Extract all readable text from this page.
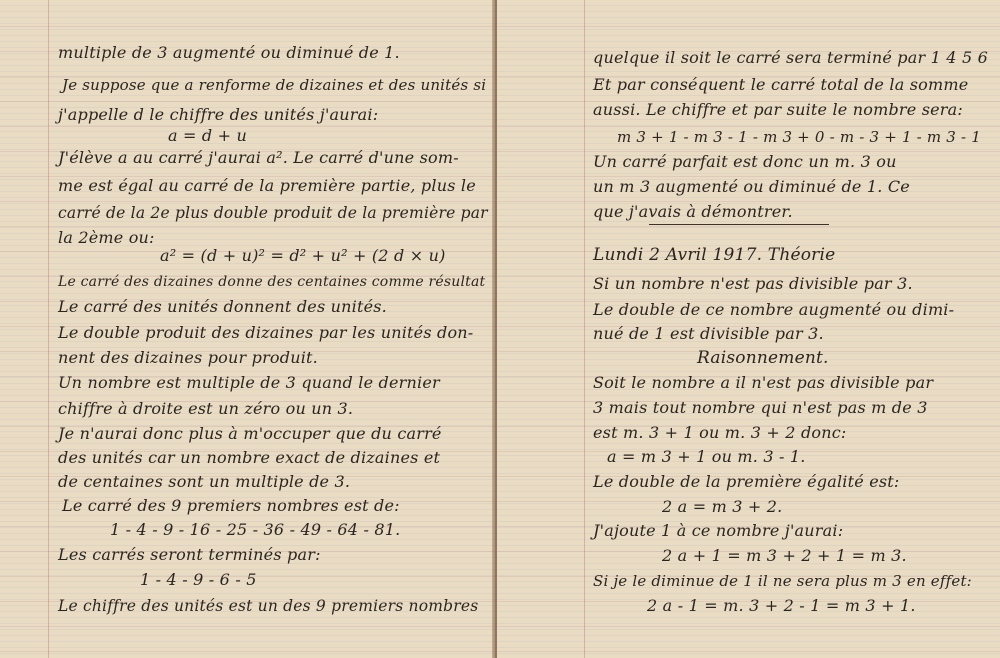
multiple de 3 augmenté ou diminué de 1.
Je suppose que a renforme de dizaines et des unités si
j'appelle d le chiffre des unités j'aurai:
a = d + u
J'élève a au carré j'aurai a². Le carré d'une som-
me est égal au carré de la première partie, plus le
carré de la 2e plus double produit de la première par
la 2ème ou:
a² = (d + u)² = d² + u² + (2 d × u)
Le carré des dizaines donne des centaines comme résultat
Le carré des unités donnent des unités.
Le double produit des dizaines par les unités don-
nent des dizaines pour produit.
Un nombre est multiple de 3 quand le dernier
chiffre à droite est un zéro ou un 3.
Je n'aurai donc plus à m'occuper que du carré
des unités car un nombre exact de dizaines et
de centaines sont un multiple de 3.
Le carré des 9 premiers nombres est de:
1 - 4 - 9 - 16 - 25 - 36 - 49 - 64 - 81.
Les carrés seront terminés par:
1 - 4 - 9 - 6 - 5
Le chiffre des unités est un des 9 premiers nombres
quelque il soit le carré sera terminé par 1 4 5 6
Et par conséquent le carré total de la somme
aussi. Le chiffre et par suite le nombre sera:
m 3 + 1 - m 3 - 1 - m 3 + 0 - m - 3 + 1 - m 3 - 1
Un carré parfait est donc un m. 3 ou
un m 3 augmenté ou diminué de 1. Ce
que j'avais à démontrer.
Lundi 2 Avril 1917. Théorie
Si un nombre n'est pas divisible par 3.
Le double de ce nombre augmenté ou dimi-
nué de 1 est divisible par 3.
Raisonnement.
Soit le nombre a il n'est pas divisible par
3 mais tout nombre qui n'est pas m de 3
est m. 3 + 1 ou m. 3 + 2 donc:
a = m 3 + 1 ou m. 3 - 1.
Le double de la première égalité est:
2 a = m 3 + 2.
J'ajoute 1 à ce nombre j'aurai:
2 a + 1 = m 3 + 2 + 1 = m 3.
Si je le diminue de 1 il ne sera plus m 3 en effet:
2 a - 1 = m. 3 + 2 - 1 = m 3 + 1.
